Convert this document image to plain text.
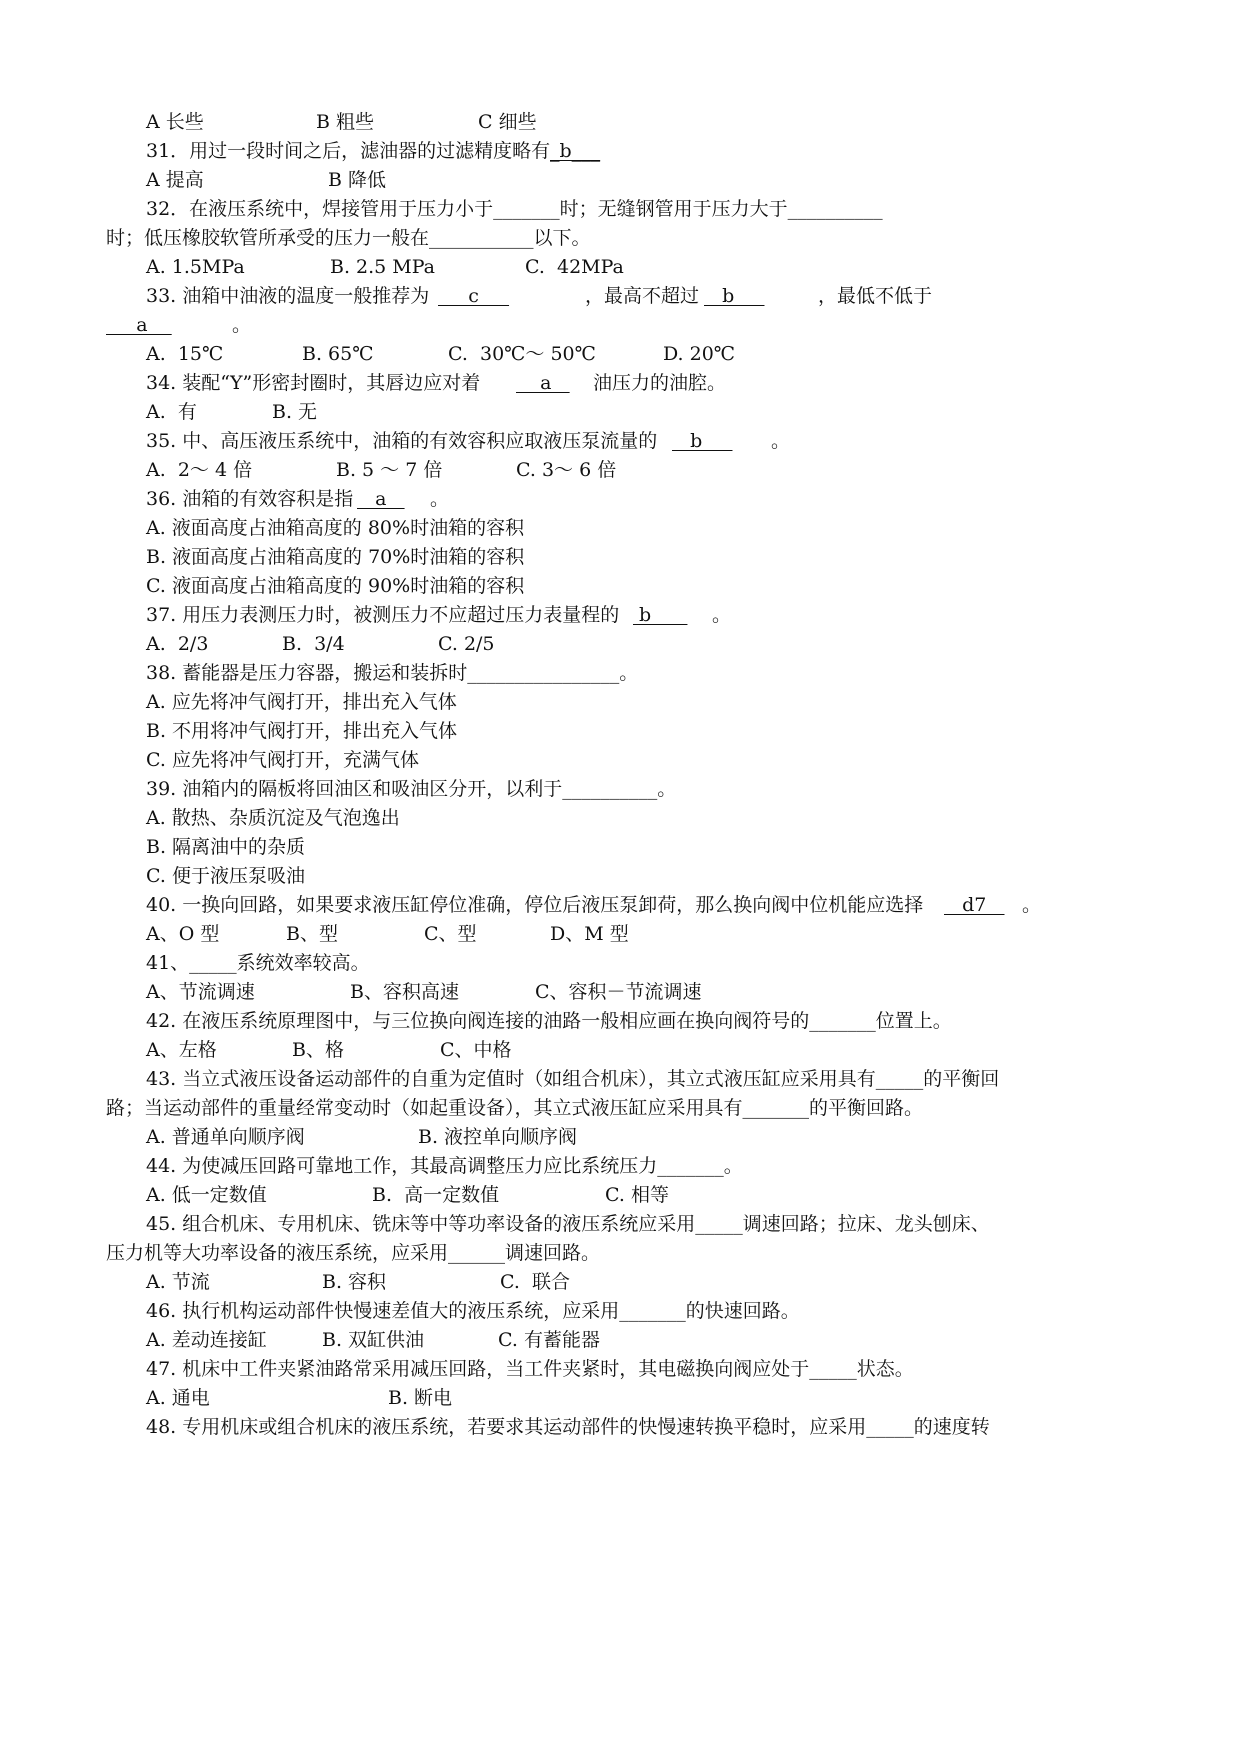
A 长些	B 粗些	C 细些
31．用过一段时间之后，滤油器的过滤精度略有 _b___
A 提高	B 降低
32．在液压系统中，焊接管用于压力小于_______时；无缝钢管用于压力大于__________
时；低压橡胶软管所承受的压力一般在___________以下。
A. 1.5MPa	B. 2.5 MPa	C.  42MPa
33. 油箱中油液的温度一般推荐为 c	，最高不超过 b	，最低不低于
a	。
A.  15℃	B. 65℃	C.  30℃～ 50℃	D. 20℃
34. 装配“Y”形密封圈时，其唇边应对着 a 油压力的油腔。
A.  有	B. 无
35. 中、高压液压系统中，油箱的有效容积应取液压泵流量的 b 。
A.  2～ 4 倍	B. 5 ～ 7 倍	C. 3～ 6 倍
36. 油箱的有效容积是指 a 。
A. 液面高度占油箱高度的 80%时油箱的容积
B. 液面高度占油箱高度的 70%时油箱的容积
C. 液面高度占油箱高度的 90%时油箱的容积
37. 用压力表测压力时，被测压力不应超过压力表量程的 b 。
A.  2/3	B.  3/4	C. 2/5
38. 蓄能器是压力容器，搬运和装拆时________________。
A. 应先将冲气阀打开，排出充入气体
B. 不用将冲气阀打开，排出充入气体
C. 应先将冲气阀打开，充满气体
39. 油箱内的隔板将回油区和吸油区分开，以利于__________。
A. 散热、杂质沉淀及气泡逸出
B. 隔离油中的杂质
C. 便于液压泵吸油
40. 一换向回路，如果要求液压缸停位准确，停位后液压泵卸荷，那么换向阀中位机能应选择 d7 。
A、O 型	B、型	C、型	D、M 型
41、_____系统效率较高。
A、节流调速	B、容积高速	C、容积－节流调速
42. 在液压系统原理图中，与三位换向阀连接的油路一般相应画在换向阀符号的_______位置上。
A、左格	B、格	C、中格
43. 当立式液压设备运动部件的自重为定值时（如组合机床），其立式液压缸应采用具有_____的平衡回
路；当运动部件的重量经常变动时（如起重设备），其立式液压缸应采用具有_______的平衡回路。
A. 普通单向顺序阀	B. 液控单向顺序阀
44. 为使减压回路可靠地工作，其最高调整压力应比系统压力_______。
A. 低一定数值	B.  高一定数值	C. 相等
45. 组合机床、专用机床、铣床等中等功率设备的液压系统应采用_____调速回路；拉床、龙头刨床、
压力机等大功率设备的液压系统，应采用______调速回路。
A. 节流	B. 容积	C.  联合
46. 执行机构运动部件快慢速差值大的液压系统，应采用_______的快速回路。
A. 差动连接缸	B. 双缸供油	C. 有蓄能器
47. 机床中工件夹紧油路常采用减压回路，当工件夹紧时，其电磁换向阀应处于_____状态。
A. 通电	B. 断电
48. 专用机床或组合机床的液压系统，若要求其运动部件的快慢速转换平稳时，应采用_____的速度转
